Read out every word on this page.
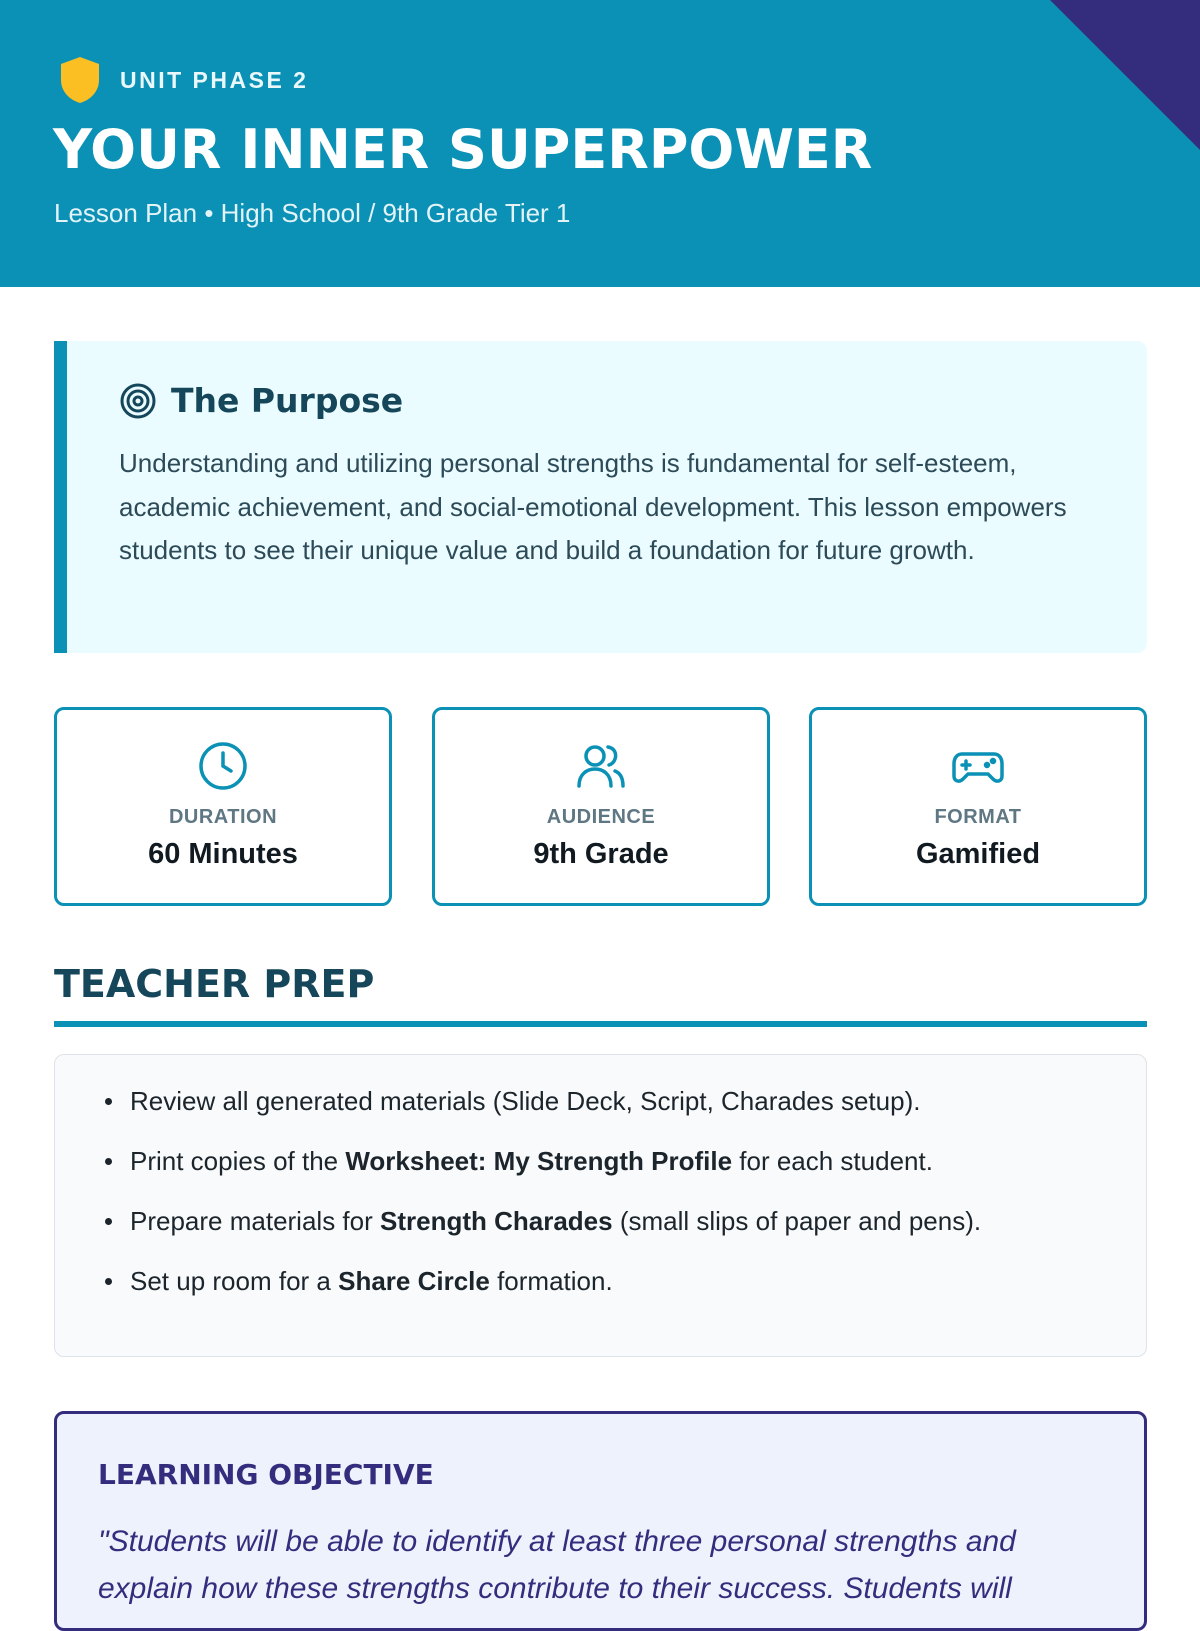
UNIT PHASE 2
YOUR INNER SUPERPOWER
Lesson Plan • High School / 9th Grade Tier 1
The Purpose

Understanding and utilizing personal strengths is fundamental for self-esteem, academic achievement, and social-emotional development. This lesson empowers students to see their unique value and build a foundation for future growth.

DURATION
60 Minutes
AUDIENCE
9th Grade
FORMAT
Gamified
TEACHER PREP
Review all generated materials (Slide Deck, Script, Charades setup).
Print copies of the Worksheet: My Strength Profile for each student.
Prepare materials for Strength Charades (small slips of paper and pens).
Set up room for a Share Circle formation.
LEARNING OBJECTIVE

"Students will be able to identify at least three personal strengths and explain how these strengths contribute to their success. Students will
